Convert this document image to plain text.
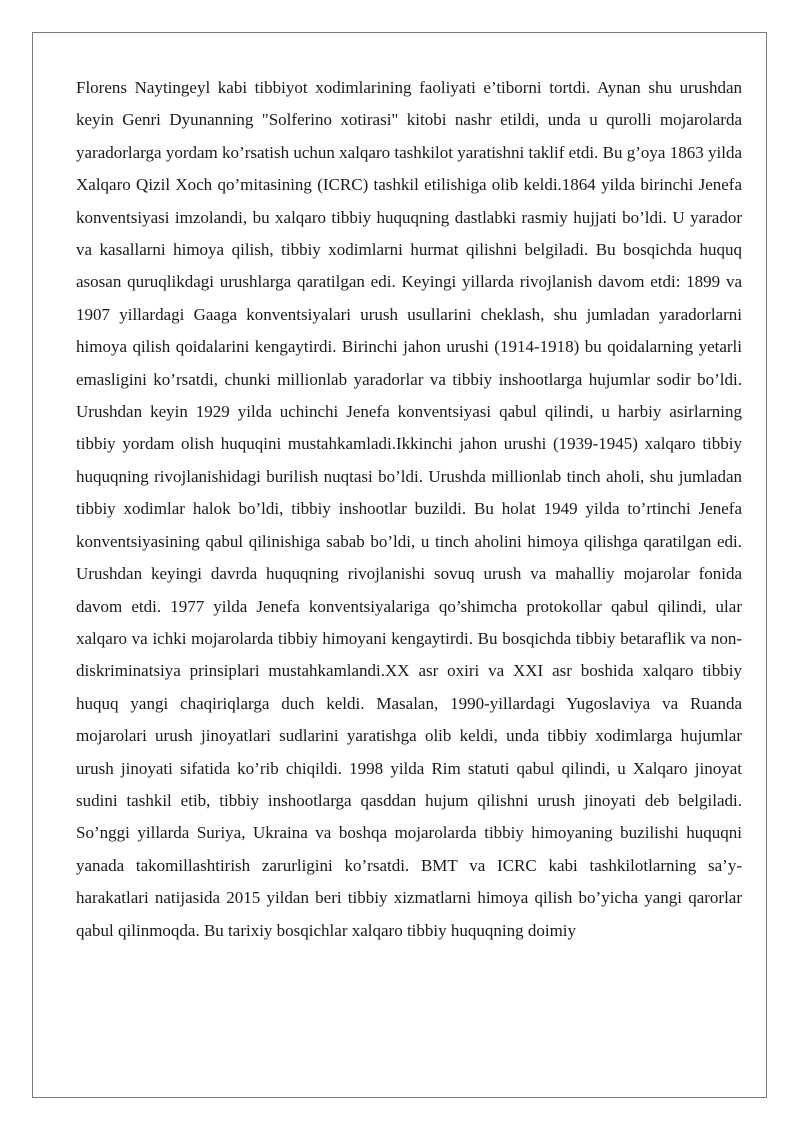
Florens Naytingeyl kabi tibbiyot xodimlarining faoliyati e’tiborni tortdi. Aynan shu urushdan keyin Genri Dyunanning "Solferino xotirasi" kitobi nashr etildi, unda u qurolli mojarolarda yaradorlarga yordam ko’rsatish uchun xalqaro tashkilot yaratishni taklif etdi. Bu g’oya 1863 yilda Xalqaro Qizil Xoch qo’mitasining (ICRC) tashkil etilishiga olib keldi.1864 yilda birinchi Jenefa konventsiyasi imzolandi, bu xalqaro tibbiy huquqning dastlabki rasmiy hujjati bo’ldi. U yarador va kasallarni himoya qilish, tibbiy xodimlarni hurmat qilishni belgiladi. Bu bosqichda huquq asosan quruqlikdagi urushlarga qaratilgan edi. Keyingi yillarda rivojlanish davom etdi: 1899 va 1907 yillardagi Gaaga konventsiyalari urush usullarini cheklash, shu jumladan yaradorlarni himoya qilish qoidalarini kengaytirdi. Birinchi jahon urushi (1914-1918) bu qoidalarning yetarli emasligini ko’rsatdi, chunki millionlab yaradorlar va tibbiy inshootlarga hujumlar sodir bo’ldi. Urushdan keyin 1929 yilda uchinchi Jenefa konventsiyasi qabul qilindi, u harbiy asirlarning tibbiy yordam olish huquqini mustahkamladi.Ikkinchi jahon urushi (1939-1945) xalqaro tibbiy huquqning rivojlanishidagi burilish nuqtasi bo’ldi. Urushda millionlab tinch aholi, shu jumladan tibbiy xodimlar halok bo’ldi, tibbiy inshootlar buzildi. Bu holat 1949 yilda to’rtinchi Jenefa konventsiyasining qabul qilinishiga sabab bo’ldi, u tinch aholini himoya qilishga qaratilgan edi. Urushdan keyingi davrda huquqning rivojlanishi sovuq urush va mahalliy mojarolar fonida davom etdi. 1977 yilda Jenefa konventsiyalariga qo’shimcha protokollar qabul qilindi, ular xalqaro va ichki mojarolarda tibbiy himoyani kengaytirdi. Bu bosqichda tibbiy betaraflik va non-diskriminatsiya prinsiplari mustahkamlandi.XX asr oxiri va XXI asr boshida xalqaro tibbiy huquq yangi chaqiriqlarga duch keldi. Masalan, 1990-yillardagi Yugoslaviya va Ruanda mojarolari urush jinoyatlari sudlarini yaratishga olib keldi, unda tibbiy xodimlarga hujumlar urush jinoyati sifatida ko’rib chiqildi. 1998 yilda Rim statuti qabul qilindi, u Xalqaro jinoyat sudini tashkil etib, tibbiy inshootlarga qasddan hujum qilishni urush jinoyati deb belgiladi. So’nggi yillarda Suriya, Ukraina va boshqa mojarolarda tibbiy himoyaning buzilishi huquqni yanada takomillashtirish zarurligini ko’rsatdi. BMT va ICRC kabi tashkilotlarning sa’y-harakatlari natijasida 2015 yildan beri tibbiy xizmatlarni himoya qilish bo’yicha yangi qarorlar qabul qilinmoqda. Bu tarixiy bosqichlar xalqaro tibbiy huquqning doimiy
